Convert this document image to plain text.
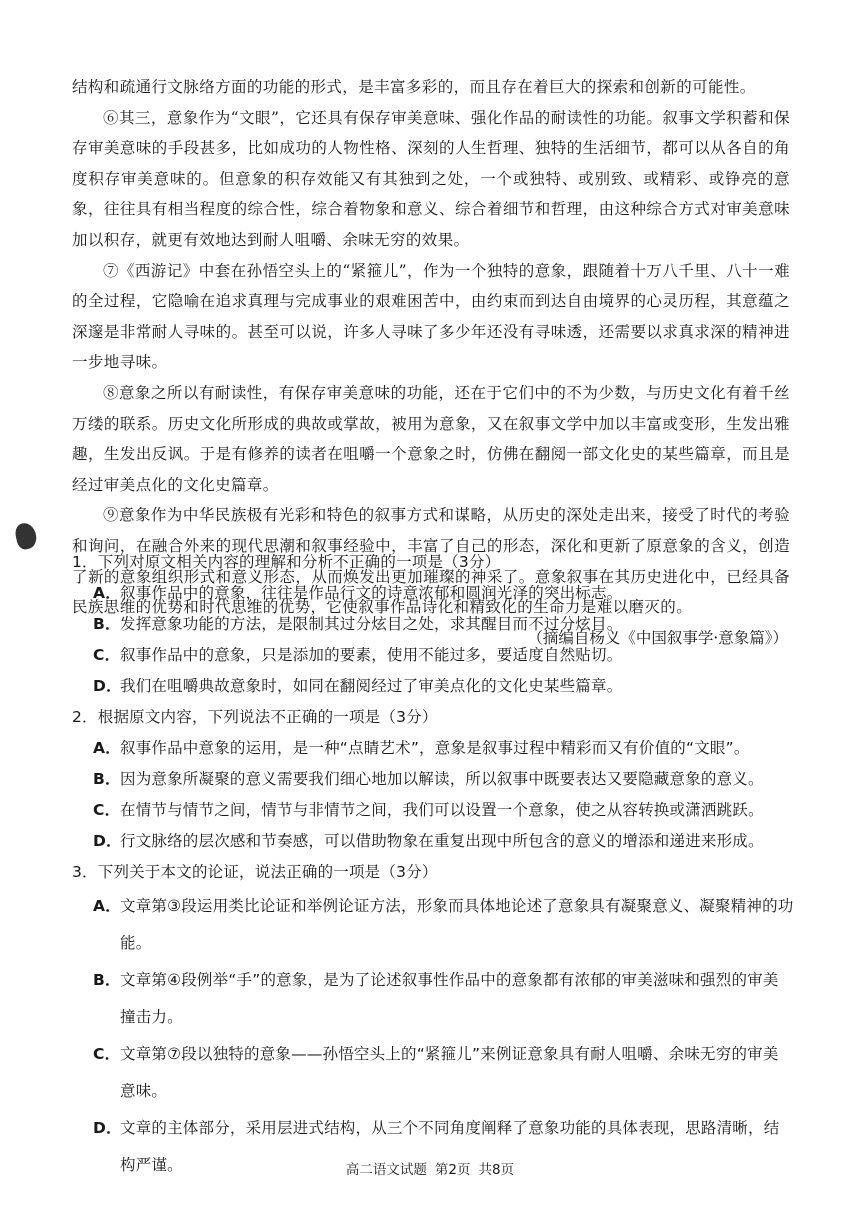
结构和疏通行文脉络方面的功能的形式，是丰富多彩的，而且存在着巨大的探索和创新的可能性。

⑥其三，意象作为“文眼”，它还具有保存审美意味、强化作品的耐读性的功能。叙事文学积蓄和保存审美意味的手段甚多，比如成功的人物性格、深刻的人生哲理、独特的生活细节，都可以从各自的角度积存审美意味的。但意象的积存效能又有其独到之处，一个或独特、或别致、或精彩、或铮亮的意象，往往具有相当程度的综合性，综合着物象和意义、综合着细节和哲理，由这种综合方式对审美意味加以积存，就更有效地达到耐人咀嚼、余味无穷的效果。

⑦《西游记》中套在孙悟空头上的“紧箍儿”，作为一个独特的意象，跟随着十万八千里、八十一难的全过程，它隐喻在追求真理与完成事业的艰难困苦中，由约束而到达自由境界的心灵历程，其意蕴之深邃是非常耐人寻味的。甚至可以说，许多人寻味了多少年还没有寻味透，还需要以求真求深的精神进一步地寻味。

⑧意象之所以有耐读性，有保存审美意味的功能，还在于它们中的不为少数，与历史文化有着千丝万缕的联系。历史文化所形成的典故或掌故，被用为意象，又在叙事文学中加以丰富或变形，生发出雅趣，生发出反讽。于是有修养的读者在咀嚼一个意象之时，仿佛在翻阅一部文化史的某些篇章，而且是经过审美点化的文化史篇章。

⑨意象作为中华民族极有光彩和特色的叙事方式和谋略，从历史的深处走出来，接受了时代的考验和询问，在融合外来的现代思潮和叙事经验中，丰富了自己的形态，深化和更新了原意象的含义，创造了新的意象组织形式和意义形态，从而焕发出更加璀璨的神采了。意象叙事在其历史进化中，已经具备民族思维的优势和时代思维的优势，它使叙事作品诗化和精致化的生命力是难以磨灭的。

（摘编自杨义《中国叙事学·意象篇》）

1．下列对原文相关内容的理解和分析不正确的一项是（3分）

A．叙事作品中的意象，往往是作品行文的诗意浓郁和圆润光泽的突出标志。

B．发挥意象功能的方法，是限制其过分炫目之处，求其醒目而不过分炫目。

C．叙事作品中的意象，只是添加的要素，使用不能过多，要适度自然贴切。

D．我们在咀嚼典故意象时，如同在翻阅经过了审美点化的文化史某些篇章。

2．根据原文内容，下列说法不正确的一项是（3分）

A．叙事作品中意象的运用，是一种“点睛艺术”，意象是叙事过程中精彩而又有价值的“文眼”。

B．因为意象所凝聚的意义需要我们细心地加以解读，所以叙事中既要表达又要隐藏意象的意义。

C．在情节与情节之间，情节与非情节之间，我们可以设置一个意象，使之从容转换或潇洒跳跃。

D．行文脉络的层次感和节奏感，可以借助物象在重复出现中所包含的意义的增添和递进来形成。

3．下列关于本文的论证，说法正确的一项是（3分）

A．文章第③段运用类比论证和举例论证方法，形象而具体地论述了意象具有凝聚意义、凝聚精神的功能。

B．文章第④段例举“手”的意象，是为了论述叙事性作品中的意象都有浓郁的审美滋味和强烈的审美撞击力。

C．文章第⑦段以独特的意象——孙悟空头上的“紧箍儿”来例证意象具有耐人咀嚼、余味无穷的审美意味。

D．文章的主体部分，采用层进式结构，从三个不同角度阐释了意象功能的具体表现，思路清晰，结构严谨。	高二语文试题 第2页 共8页
